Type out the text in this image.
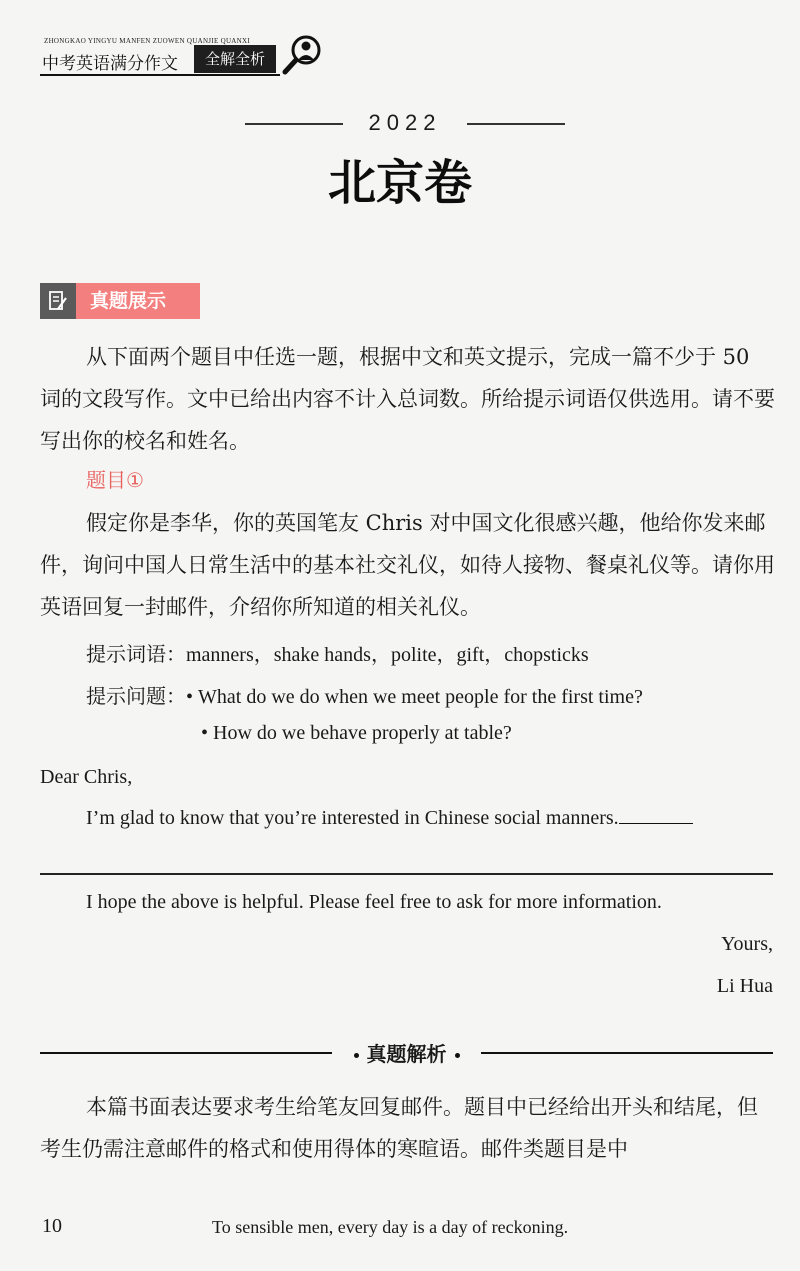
ZHONGKAO YINGYU MANFEN ZUOWEN QUANJIE QUANXI
中考英语满分作文	全解全析
2022
北京卷
真题展示
从下面两个题目中任选一题，根据中文和英文提示，完成一篇不少于 50 词的文段写作。文中已给出内容不计入总词数。所给提示词语仅供选用。请不要写出你的校名和姓名。
题目①
假定你是李华，你的英国笔友 Chris 对中国文化很感兴趣，他给你发来邮件，询问中国人日常生活中的基本社交礼仪，如待人接物、餐桌礼仪等。请你用英语回复一封邮件，介绍你所知道的相关礼仪。
提示词语：manners，shake hands，polite，gift，chopsticks
提示问题：• What do we do when we meet people for the first time?
• How do we behave properly at table?
Dear Chris,
I’m glad to know that you’re interested in Chinese social manners.
I hope the above is helpful. Please feel free to ask for more information.
Yours,
Li Hua
真题解析
本篇书面表达要求考生给笔友回复邮件。题目中已经给出开头和结尾，但考生仍需注意邮件的格式和使用得体的寒暄语。邮件类题目是中
10	To sensible men, every day is a day of reckoning.
